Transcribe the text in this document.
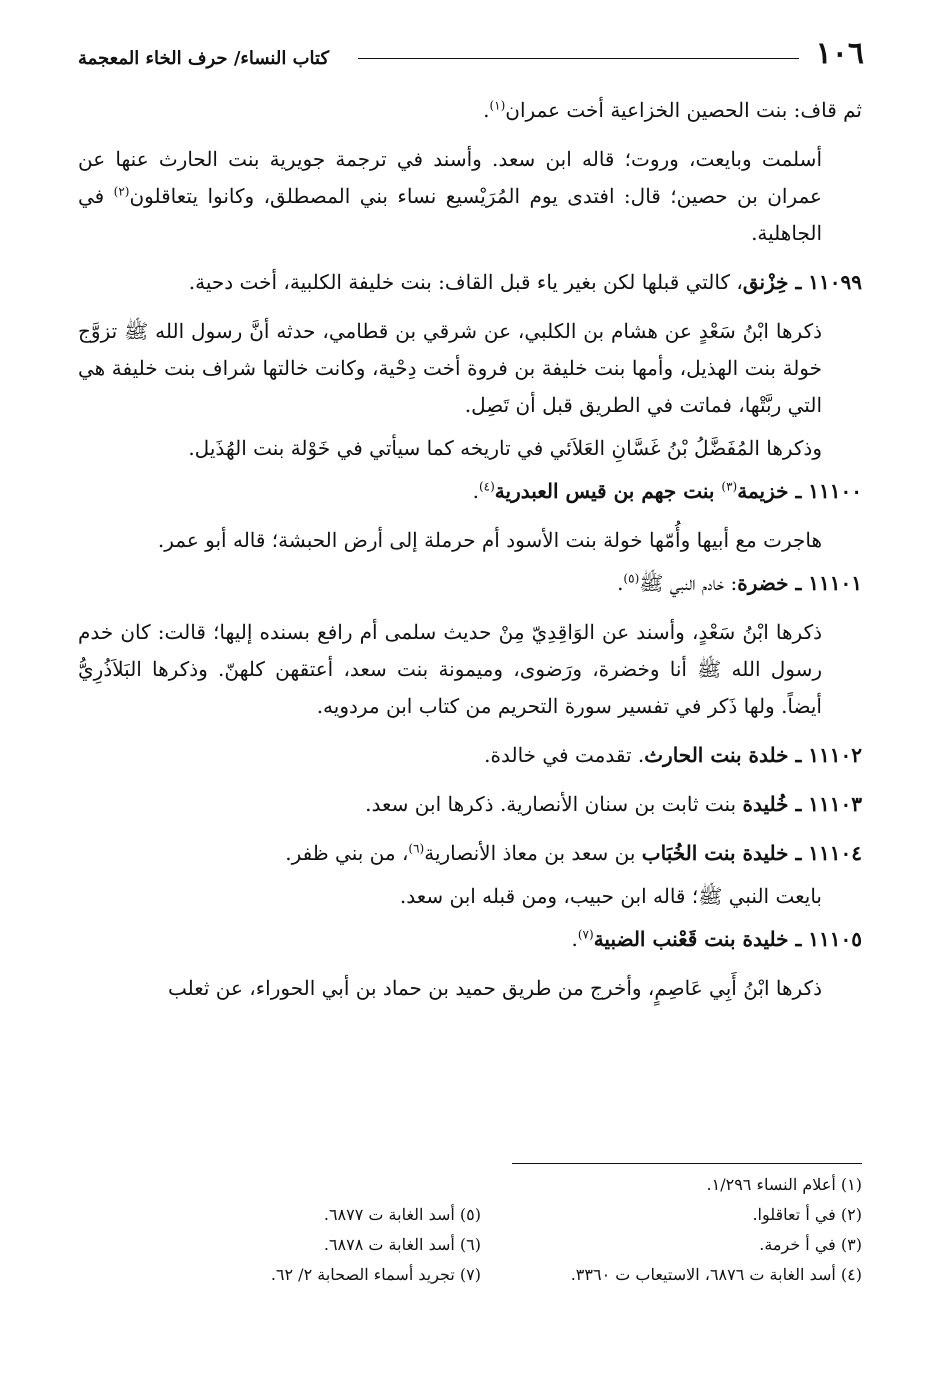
١٠٦
كتاب النساء/ حرف الخاء المعجمة

ثم قاف: بنت الحصين الخزاعية أخت عمران$^{(١)}$.

أسلمت وبايعت، وروت؛ قاله ابن سعد. وأسند في ترجمة جويرية بنت الحارث عنها عن عمران بن حصين؛ قال: افتدى يوم المُرَيْسيع نساء بني المصطلق، وكانوا يتعاقلون$^{(٢)}$ في الجاهلية.

١١٠٩٩ ـ خِزْنق، كالتي قبلها لكن بغير ياء قبل القاف: بنت خليفة الكلبية، أخت دحية.

ذكرها ابْنُ سَعْدٍ عن هشام بن الكلبي، عن شرقي بن قطامي، حدثه أنَّ رسول الله ﷺ تزوَّج خولة بنت الهذيل، وأمها بنت خليفة بن فروة أخت دِحْية، وكانت خالتها شراف بنت خليفة هي التي ربَّتْها، فماتت في الطريق قبل أن تَصِل.

وذكرها المُفَضَّلُ بْنُ غَسَّانِ العَلاَئي في تاريخه كما سيأتي في خَوْلة بنت الهُذَيل.

١١١٠٠ ـ خزيمة$^{(٣)}$ بنت جهم بن قيس العبدرية$^{(٤)}$.

هاجرت مع أبيها وأُمّها خولة بنت الأسود أم حرملة إلى أرض الحبشة؛ قاله أبو عمر.

١١١٠١ ـ خضرة: خادم النبي ﷺ$^{(٥)}$.

ذكرها ابْنُ سَعْدٍ، وأسند عن الوَاقِدِيّ مِنْ حديث سلمى أم رافع بسنده إليها؛ قالت: كان خدم رسول الله ﷺ أنا وخضرة، ورَضوى، وميمونة بنت سعد، أعتقهن كلهنّ. وذكرها البَلاَذُرِيُّ أيضاً. ولها ذَكر في تفسير سورة التحريم من كتاب ابن مردويه.

١١١٠٢ ـ خلدة بنت الحارث. تقدمت في خالدة.

١١١٠٣ ـ خُليدة بنت ثابت بن سنان الأنصارية. ذكرها ابن سعد.

١١١٠٤ ـ خليدة بنت الخُبَاب بن سعد بن معاذ الأنصارية$^{(٦)}$، من بني ظفر.

بايعت النبي ﷺ؛ قاله ابن حبيب، ومن قبله ابن سعد.

١١١٠٥ ـ خليدة بنت قَعْنب الضبية$^{(٧)}$.

ذكرها ابْنُ أَبِي عَاصِمٍ، وأخرج من طريق حميد بن حماد بن أبي الحوراء، عن ثعلب

(١) أعلام النساء ١/٢٩٦.

(٢) في أ تعاقلوا.

(٣) في أ خرمة.

(٤) أسد الغابة ت ٦٨٧٦، الاستيعاب ت ٣٣٦٠.

(٥) أسد الغابة ت ٦٨٧٧.

(٦) أسد الغابة ت ٦٨٧٨.

(٧) تجريد أسماء الصحابة ٢/ ٦٢.
